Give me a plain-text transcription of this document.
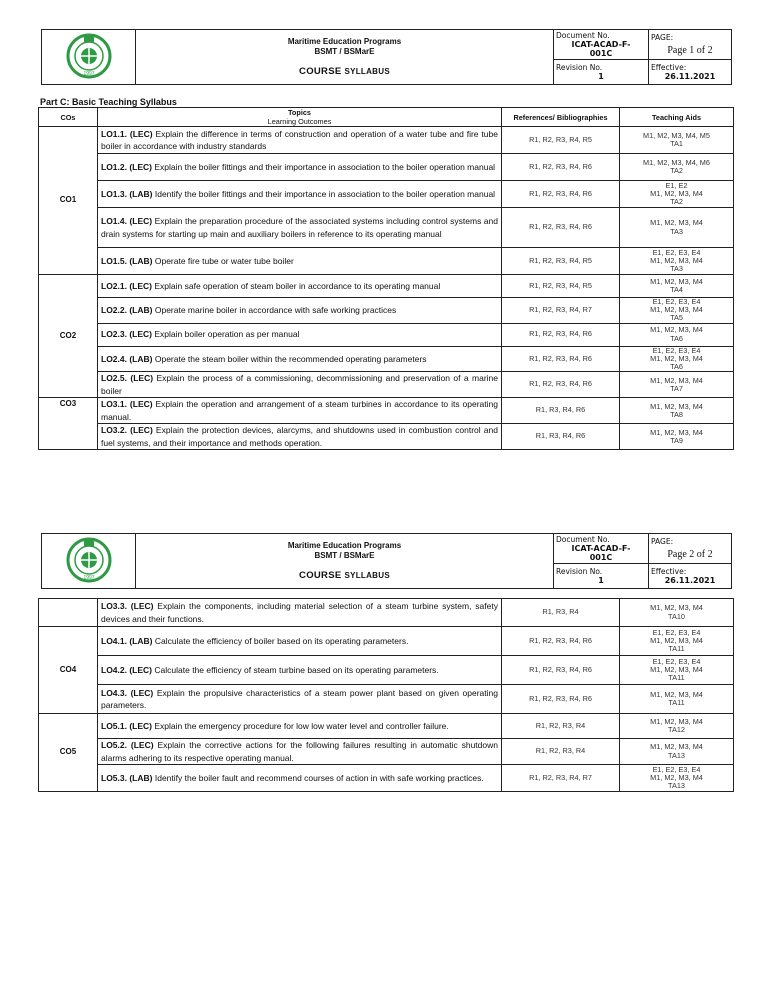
1997	Maritime Education Programs
BSMT / BSMarE
COURSE SYLLABUS	Document No.
ICAT-ACAD-F-001C	PAGE:
Page 1 of 2

		Revision No.
1	Effective:
26.11.2021
Part C: Basic Teaching Syllabus
COs	Topics
Learning Outcomes	References/ Bibliographies	Teaching Aids
CO1	LO1.1. (LEC) Explain the difference in terms of construction and operation of a water tube and fire tube boiler in accordance with industry standards	R1, R2, R3, R4, R5	M1, M2, M3, M4, M5
TA1

	LO1.2. (LEC) Explain the boiler fittings and their importance in association to the boiler operation manual	R1, R2, R3, R4, R6	M1, M2, M3, M4, M6
TA2

	LO1.3. (LAB) Identify the boiler fittings and their importance in association to the boiler operation manual	R1, R2, R3, R4, R6	E1, E2
M1, M2, M3, M4
TA2

	LO1.4. (LEC) Explain the preparation procedure of the associated systems including control systems and drain systems for starting up main and auxiliary boilers in reference to its operating manual	R1, R2, R3, R4, R6	M1, M2, M3, M4
TA3

	LO1.5. (LAB) Operate fire tube or water tube boiler	R1, R2, R3, R4, R5	E1, E2, E3, E4
M1, M2, M3, M4
TA3

CO2	LO2.1. (LEC) Explain safe operation of steam boiler in accordance to its operating manual	R1, R2, R3, R4, R5	M1, M2, M3, M4
TA4

	LO2.2. (LAB) Operate marine boiler in accordance with safe working practices	R1, R2, R3, R4, R7	E1, E2, E3, E4
M1, M2, M3, M4
TA5

	LO2.3. (LEC) Explain boiler operation as per manual	R1, R2, R3, R4, R6	M1, M2, M3, M4
TA6

	LO2.4. (LAB) Operate the steam boiler within the recommended operating parameters	R1, R2, R3, R4, R6	E1, E2, E3, E4
M1, M2, M3, M4
TA6

	LO2.5. (LEC) Explain the process of a commissioning, decommissioning and preservation of a marine boiler	R1, R2, R3, R4, R6	M1, M2, M3, M4
TA7

CO3	LO3.1. (LEC) Explain the operation and arrangement of a steam turbines in accordance to its operating manual.	R1, R3, R4, R6	M1, M2, M3, M4
TA8

	LO3.2. (LEC) Explain the protection devices, alarcyms, and shutdowns used in combustion control and fuel systems, and their importance and methods operation.	R1, R3, R4, R6	M1, M2, M3, M4
TA9
1997	Maritime Education Programs
BSMT / BSMarE
COURSE SYLLABUS	Document No.
ICAT-ACAD-F-001C	PAGE:
Page 2 of 2

		Revision No.
1	Effective:
26.11.2021
	LO3.3. (LEC) Explain the components, including material selection of a steam turbine system, safety devices and their functions.	R1, R3, R4	M1, M2, M3, M4
TA10

CO4	LO4.1. (LAB) Calculate the efficiency of boiler based on its operating parameters.	R1, R2, R3, R4, R6	E1, E2, E3, E4
M1, M2, M3, M4
TA11

	LO4.2. (LEC) Calculate the efficiency of steam turbine based on its operating parameters.	R1, R2, R3, R4, R6	E1, E2, E3, E4
M1, M2, M3, M4
TA11

	LO4.3. (LEC) Explain the propulsive characteristics of a steam power plant based on given operating parameters.	R1, R2, R3, R4, R6	M1, M2, M3, M4
TA11

CO5	LO5.1. (LEC) Explain the emergency procedure for low low water level and controller failure.	R1, R2, R3, R4	M1, M2, M3, M4
TA12

	LO5.2. (LEC) Explain the corrective actions for the following failures resulting in automatic shutdown alarms adhering to its respective operating manual.	R1, R2, R3, R4	M1, M2, M3, M4
TA13

	LO5.3. (LAB) Identify the boiler fault and recommend courses of action in with safe working practices.	R1, R2, R3, R4, R7	E1, E2, E3, E4
M1, M2, M3, M4
TA13
